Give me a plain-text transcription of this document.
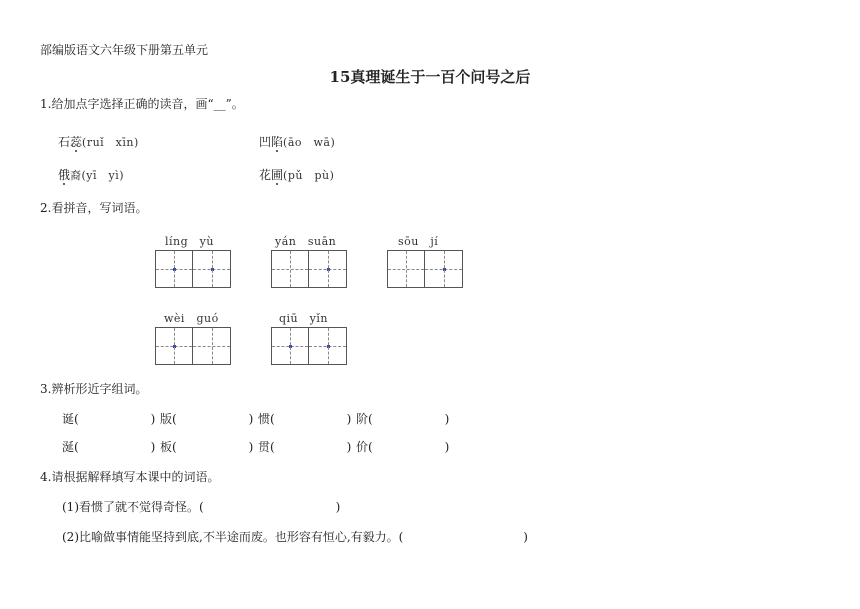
部编版语文六年级下册第五单元
15真理诞生于一百个问号之后
1.给加点字选择正确的读音，画“__”。
石蕊(ruǐ　xīn)	凹陷(āo　wā)
俄裔(yī　yì)	花圃(pǔ　pù)
2.看拼音，写词语。
líng　yù	yán　suān	sōu　jí
wèi　guó	qiū　yǐn
3.辨析形近字组词。
诞(　　　　　　) 版(　　　　　　) 惯(　　　　　　) 阶(　　　　　　)
涎(　　　　　　) 板(　　　　　　) 贯(　　　　　　) 价(　　　　　　)
4.请根据解释填写本课中的词语。
(1)看惯了就不觉得奇怪。(　　　　　　　　　　　)
(2)比喻做事情能坚持到底,不半途而废。也形容有恒心,有毅力。(　　　　　　　　　　)
